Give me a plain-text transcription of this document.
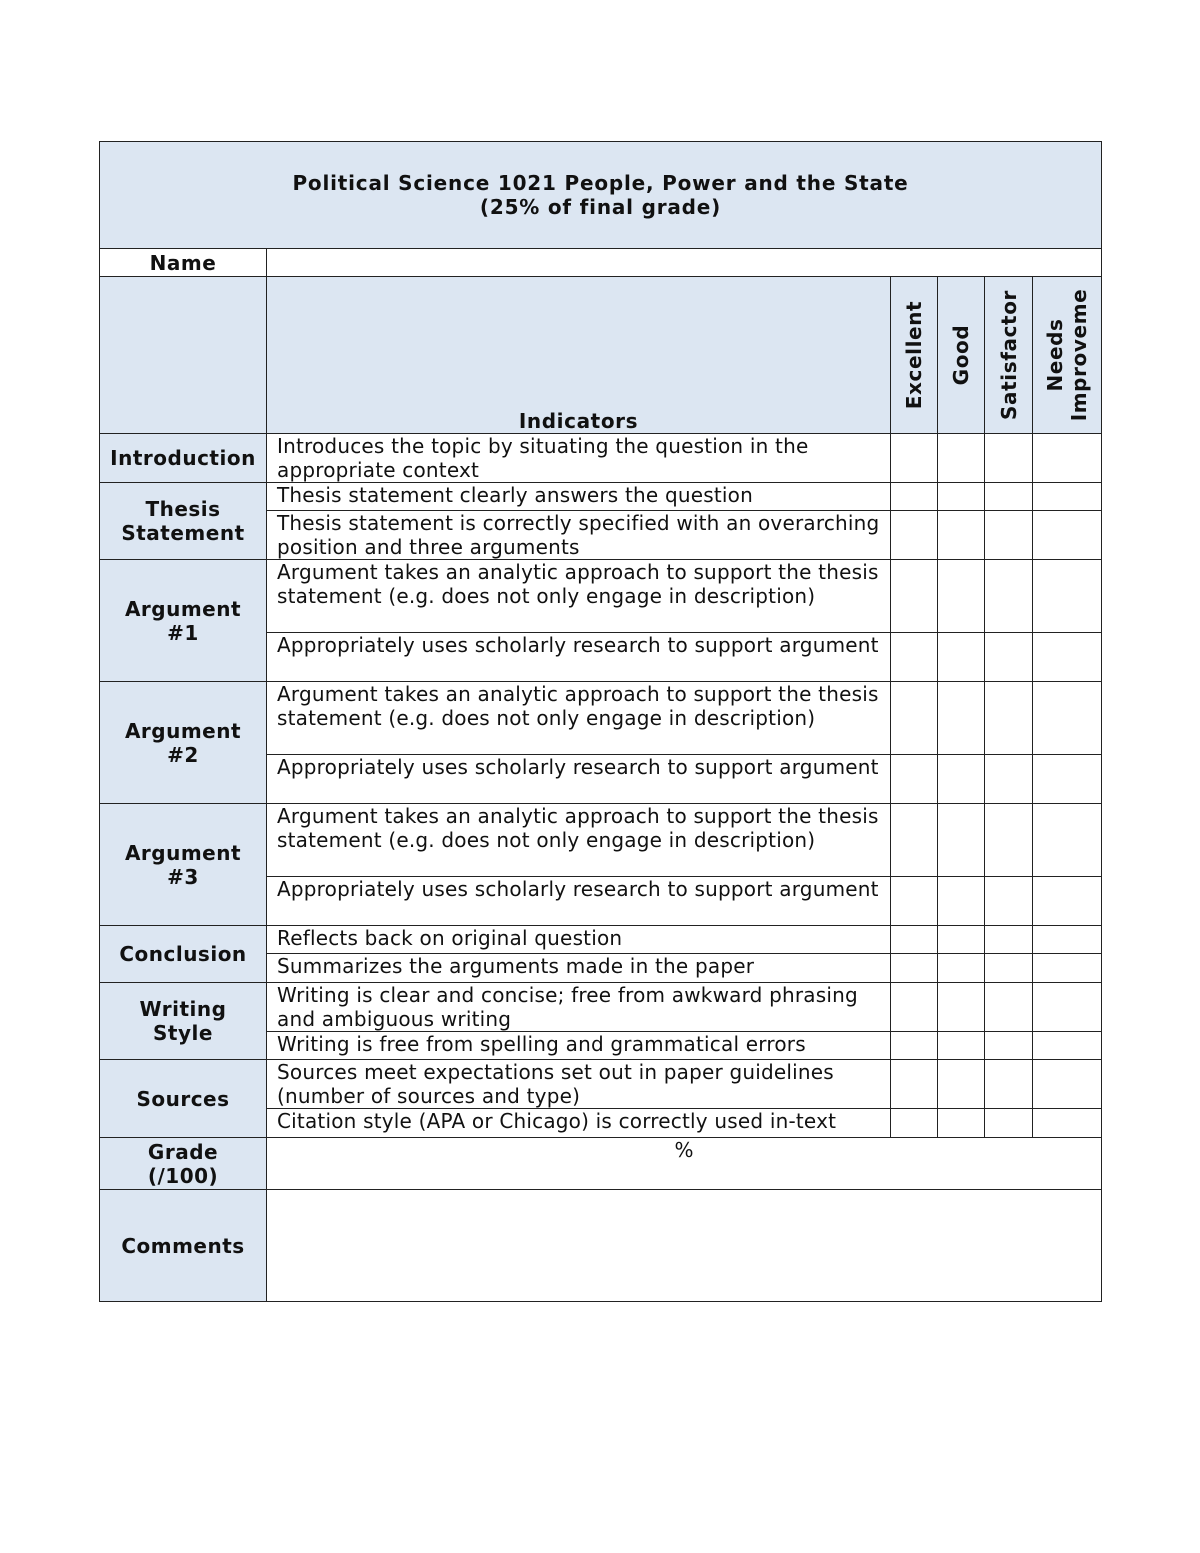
Political Science 1021 People, Power and the State
(25% of final grade)					

Name					
	Indicators	Excellent	Good	Satisfactor	Needs
Improveme

Introduction	Introduces the topic by situating the question in the appropriate context				

Thesis
Statement	Thesis statement clearly answers the question				
	Thesis statement is correctly specified with an overarching position and three arguments				

Argument
#1	Argument takes an analytic approach to support the thesis statement (e.g. does not only engage in description)				
	Appropriately uses scholarly research to support argument				

Argument
#2	Argument takes an analytic approach to support the thesis statement (e.g. does not only engage in description)				
	Appropriately uses scholarly research to support argument				

Argument
#3	Argument takes an analytic approach to support the thesis statement (e.g. does not only engage in description)				
	Appropriately uses scholarly research to support argument				

Conclusion	Reflects back on original question				
	Summarizes the arguments made in the paper				

Writing
Style	Writing is clear and concise; free from awkward phrasing and ambiguous writing				
	Writing is free from spelling and grammatical errors				

Sources	Sources meet expectations set out in paper guidelines (number of sources and type)				
	Citation style (APA or Chicago) is correctly used in-text				

Grade
(/100)	%				
Comments					
